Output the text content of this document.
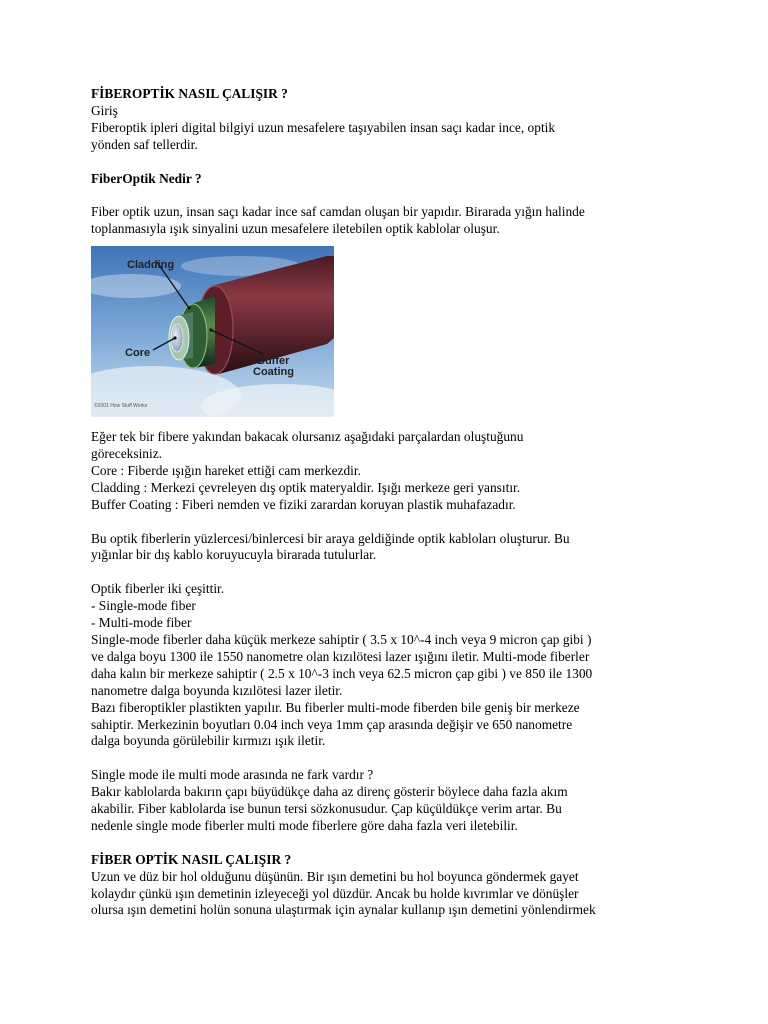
FİBEROPTİK NASIL ÇALIŞIR ?

Giriş

Fiberoptik ipleri digital bilgiyi uzun mesafelere taşıyabilen insan saçı kadar ince, optik

yönden saf tellerdir.

FiberOptik Nedir ?

Fiber optik uzun, insan saçı kadar ince saf camdan oluşan bir yapıdır. Birarada yığın halinde

toplanmasıyla ışık sinyalini uzun mesafelere iletebilen optik kablolar oluşur.

Cladding
Core
Buffer
Coating
©2001 How Stuff Works

Eğer tek bir fibere yakından bakacak olursanız aşağıdaki parçalardan oluştuğunu

göreceksiniz.

Core : Fiberde ışığın hareket ettiği cam merkezdir.

Cladding : Merkezi çevreleyen dış optik materyaldir. Işığı merkeze geri yansıtır.

Buffer Coating : Fiberi nemden ve fiziki zarardan koruyan plastik muhafazadır.

Bu optik fiberlerin yüzlercesi/binlercesi bir araya geldiğinde optik kabloları oluşturur. Bu

yığınlar bir dış kablo koruyucuyla birarada tutulurlar.

Optik fiberler iki çeşittir.

- Single-mode fiber

- Multi-mode fiber

Single-mode fiberler daha küçük merkeze sahiptir ( 3.5 x 10^-4 inch veya 9 micron çap gibi )

ve dalga boyu 1300 ile 1550 nanometre olan kızılötesi lazer ışığını iletir. Multi-mode fiberler

daha kalın bir merkeze sahiptir ( 2.5 x 10^-3 inch veya 62.5 micron çap gibi ) ve 850 ile 1300

nanometre dalga boyunda kızılötesi lazer iletir.

Bazı fiberoptikler plastikten yapılır. Bu fiberler multi-mode fiberden bile geniş bir merkeze

sahiptir. Merkezinin boyutları 0.04 inch veya 1mm çap arasında değişir ve 650 nanometre

dalga boyunda görülebilir kırmızı ışık iletir.

Single mode ile multi mode arasında ne fark vardır ?

Bakır kablolarda bakırın çapı büyüdükçe daha az direnç gösterir böylece daha fazla akım

akabilir. Fiber kablolarda ise bunun tersi sözkonusudur. Çap küçüldükçe verim artar. Bu

nedenle single mode fiberler multi mode fiberlere göre daha fazla veri iletebilir.

FİBER OPTİK NASIL ÇALIŞIR ?

Uzun ve düz bir hol olduğunu düşünün. Bir ışın demetini bu hol boyunca göndermek gayet

kolaydır çünkü ışın demetinin izleyeceği yol düzdür. Ancak bu holde kıvrımlar ve dönüşler

olursa ışın demetini holün sonuna ulaştırmak için aynalar kullanıp ışın demetini yönlendirmek
